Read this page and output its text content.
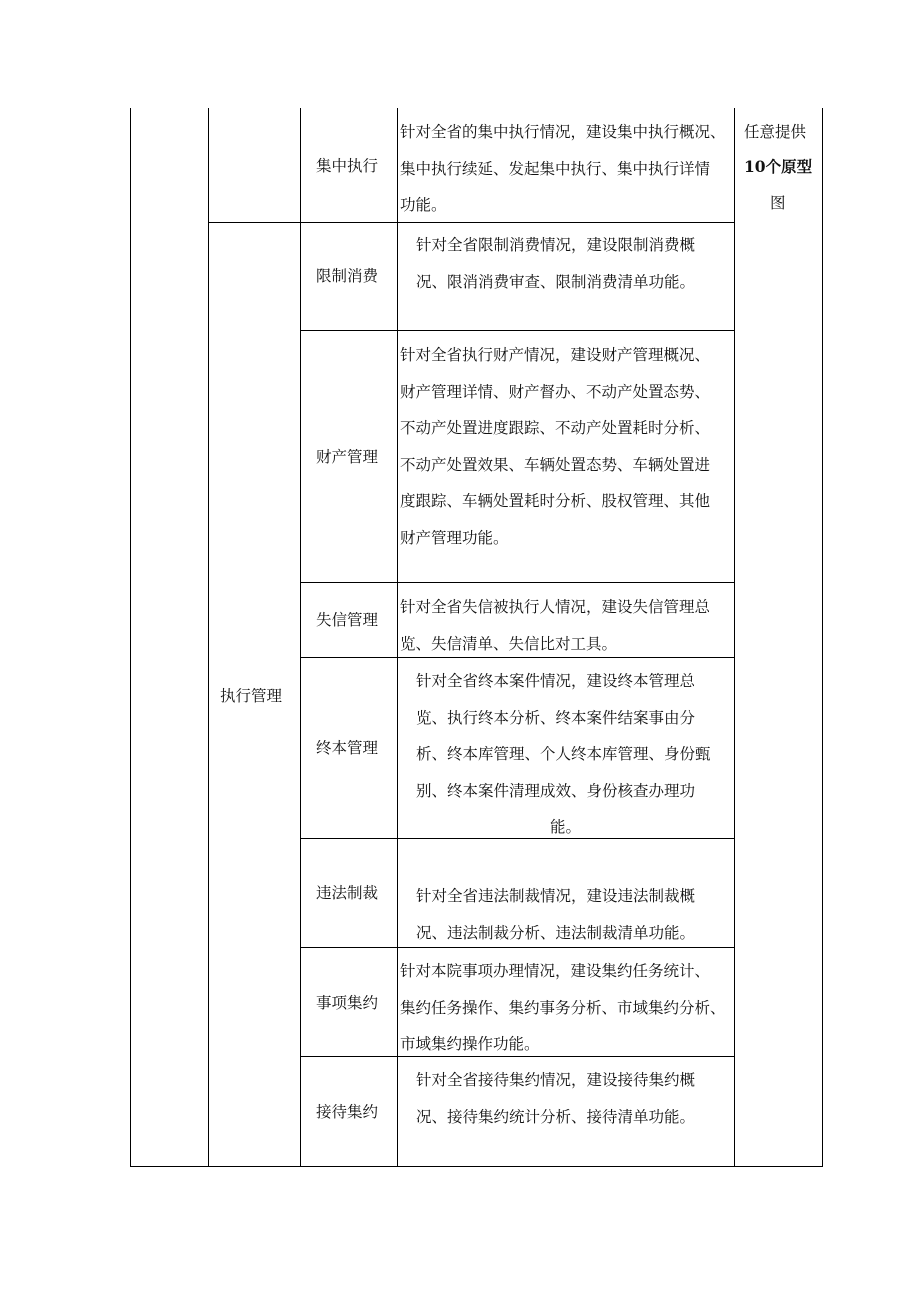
执行管理
任意提供
10个原型
图
集中执行
限制消费
财产管理
失信管理
终本管理
违法制裁
事项集约
接待集约
针对全省的集中执行情况，建设集中执行概况、
集中执行续延、发起集中执行、集中执行详情
功能。
针对全省限制消费情况，建设限制消费概
况、限消消费审查、限制消费清单功能。
针对全省执行财产情况，建设财产管理概况、
财产管理详情、财产督办、不动产处置态势、
不动产处置进度跟踪、不动产处置耗时分析、
不动产处置效果、车辆处置态势、车辆处置进
度跟踪、车辆处置耗时分析、股权管理、其他
财产管理功能。
针对全省失信被执行人情况，建设失信管理总
览、失信清单、失信比对工具。
针对全省终本案件情况，建设终本管理总
览、执行终本分析、终本案件结案事由分
析、终本库管理、个人终本库管理、身份甄
别、终本案件清理成效、身份核查办理功
能。
针对全省违法制裁情况，建设违法制裁概
况、违法制裁分析、违法制裁清单功能。
针对本院事项办理情况，建设集约任务统计、
集约任务操作、集约事务分析、市域集约分析、
市域集约操作功能。
针对全省接待集约情况，建设接待集约概
况、接待集约统计分析、接待清单功能。
